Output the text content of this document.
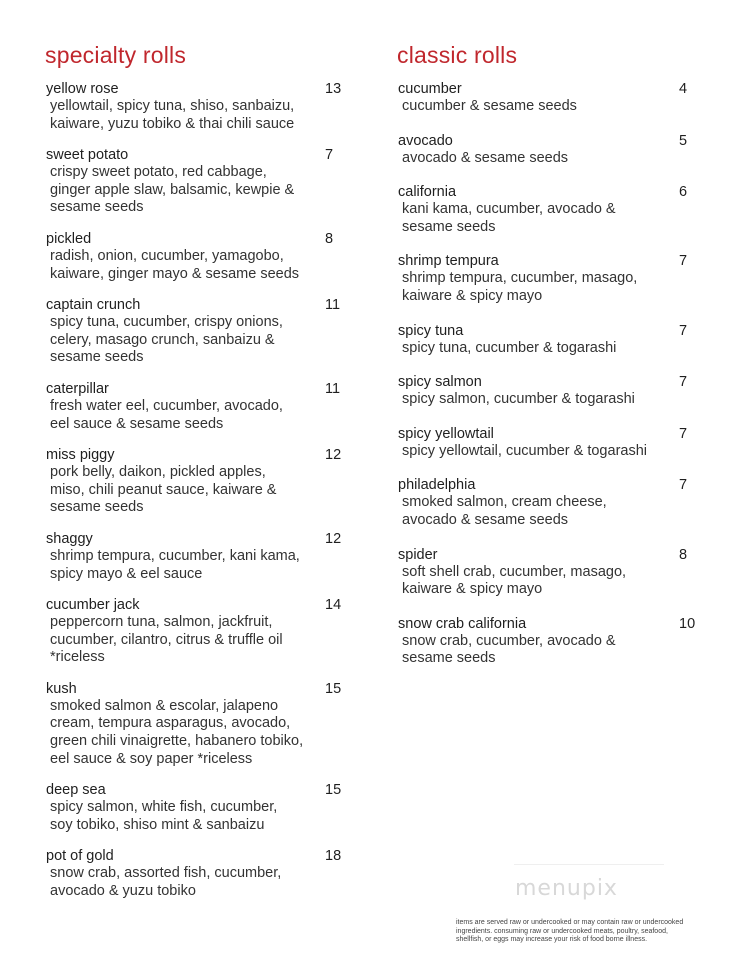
specialty rolls
yellow rose	13
yellowtail, spicy tuna, shiso, sanbaizu,
kaiware, yuzu tobiko & thai chili sauce
sweet potato	7
crispy sweet potato, red cabbage,
ginger apple slaw, balsamic, kewpie &
sesame seeds
pickled	8
radish, onion, cucumber, yamagobo,
kaiware, ginger mayo & sesame seeds
captain crunch	11
spicy tuna, cucumber, crispy onions,
celery, masago crunch, sanbaizu &
sesame seeds
caterpillar	11
fresh water eel, cucumber, avocado,
eel sauce & sesame seeds
miss piggy	12
pork belly, daikon, pickled apples,
miso, chili peanut sauce, kaiware &
sesame seeds
shaggy	12
shrimp tempura, cucumber, kani kama,
spicy mayo & eel sauce
cucumber jack	14
peppercorn tuna, salmon, jackfruit,
cucumber, cilantro, citrus & truffle oil
*riceless
kush	15
smoked salmon & escolar, jalapeno
cream, tempura asparagus, avocado,
green chili vinaigrette, habanero tobiko,
eel sauce & soy paper *riceless
deep sea	15
spicy salmon, white fish, cucumber,
soy tobiko, shiso mint & sanbaizu
pot of gold	18
snow crab, assorted fish, cucumber,
avocado & yuzu tobiko
classic rolls
cucumber	4
cucumber & sesame seeds
avocado	5
avocado & sesame seeds
california	6
kani kama, cucumber, avocado &
sesame seeds
shrimp tempura	7
shrimp tempura, cucumber, masago,
kaiware & spicy mayo
spicy tuna	7
spicy tuna, cucumber & togarashi
spicy salmon	7
spicy salmon, cucumber & togarashi
spicy yellowtail	7
spicy yellowtail, cucumber & togarashi
philadelphia	7
smoked salmon, cream cheese,
avocado & sesame seeds
spider	8
soft shell crab, cucumber, masago,
kaiware & spicy mayo
snow crab california	10
snow crab, cucumber, avocado &
sesame seeds
menupix
items are served raw or undercooked or may contain raw or undercooked
ingredients. consuming raw or undercooked meats, poultry, seafood,
shellfish, or eggs may increase your risk of food borne illness.
